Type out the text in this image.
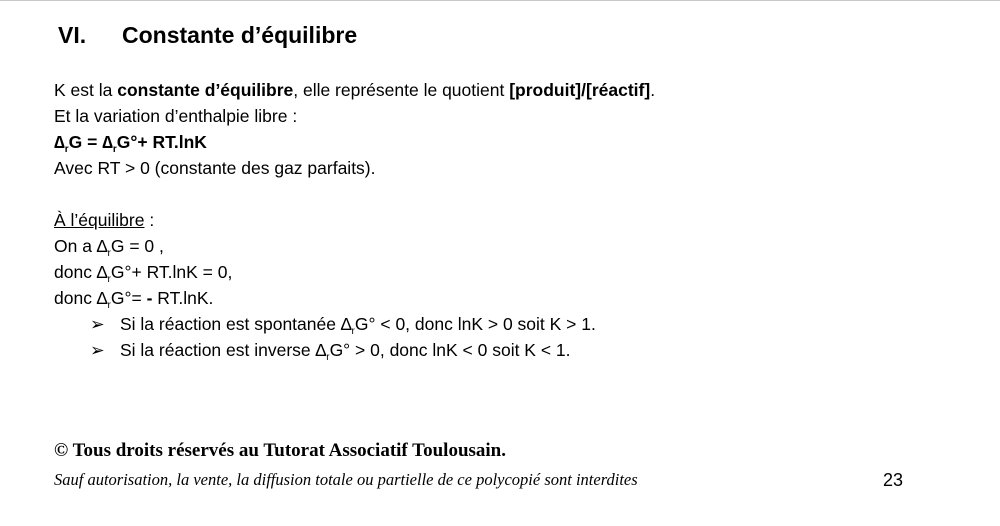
VI. Constante d’équilibre
K est la constante d’équilibre, elle représente le quotient [produit]/[réactif].
Et la variation d’enthalpie libre :
$\Delta_rG = \Delta_rG^\circ+ RT.\ln K$
Avec RT > 0 (constante des gaz parfaits).
À l’équilibre :
On a $\Delta_rG = 0$ ,
donc $\Delta_rG^\circ+ RT.\ln K = 0$,
donc $\Delta_rG^\circ= - RT.\ln K$.
➢ Si la réaction est spontanée $\Delta_rG^\circ < 0$, donc lnK > 0 soit K > 1.
➢ Si la réaction est inverse $\Delta_rG^\circ > 0$, donc lnK < 0 soit K < 1.
© Tous droits réservés au Tutorat Associatif Toulousain.
Sauf autorisation, la vente, la diffusion totale ou partielle de ce polycopié sont interdites	23
